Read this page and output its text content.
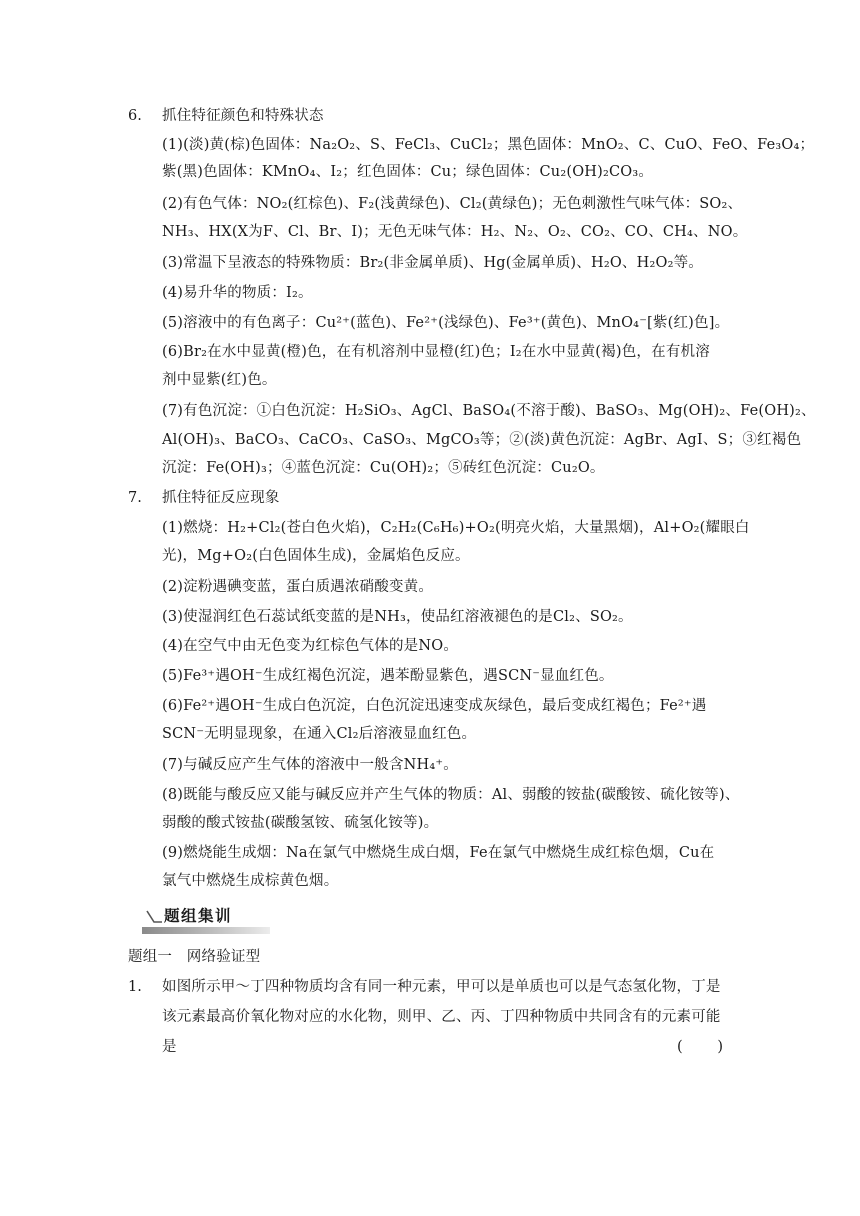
6. 抓住特征颜色和特殊状态
(1)(淡)黄(棕)色固体：Na₂O₂、S、FeCl₃、CuCl₂；黑色固体：MnO₂、C、CuO、FeO、Fe₃O₄；
紫(黑)色固体：KMnO₄、I₂；红色固体：Cu；绿色固体：Cu₂(OH)₂CO₃。
(2)有色气体：NO₂(红棕色)、F₂(浅黄绿色)、Cl₂(黄绿色)；无色刺激性气味气体：SO₂、
NH₃、HX(X为F、Cl、Br、I)；无色无味气体：H₂、N₂、O₂、CO₂、CO、CH₄、NO。
(3)常温下呈液态的特殊物质：Br₂(非金属单质)、Hg(金属单质)、H₂O、H₂O₂等。
(4)易升华的物质：I₂。
(5)溶液中的有色离子：Cu²⁺(蓝色)、Fe²⁺(浅绿色)、Fe³⁺(黄色)、MnO₄⁻[紫(红)色]。
(6)Br₂在水中显黄(橙)色，在有机溶剂中显橙(红)色；I₂在水中显黄(褐)色，在有机溶
剂中显紫(红)色。
(7)有色沉淀：①白色沉淀：H₂SiO₃、AgCl、BaSO₄(不溶于酸)、BaSO₃、Mg(OH)₂、Fe(OH)₂、
Al(OH)₃、BaCO₃、CaCO₃、CaSO₃、MgCO₃等；②(淡)黄色沉淀：AgBr、AgI、S；③红褐色
沉淀：Fe(OH)₃；④蓝色沉淀：Cu(OH)₂；⑤砖红色沉淀：Cu₂O。
7. 抓住特征反应现象
(1)燃烧：H₂+Cl₂(苍白色火焰)，C₂H₂(C₆H₆)+O₂(明亮火焰，大量黑烟)，Al+O₂(耀眼白
光)，Mg+O₂(白色固体生成)，金属焰色反应。
(2)淀粉遇碘变蓝，蛋白质遇浓硝酸变黄。
(3)使湿润红色石蕊试纸变蓝的是NH₃，使品红溶液褪色的是Cl₂、SO₂。
(4)在空气中由无色变为红棕色气体的是NO。
(5)Fe³⁺遇OH⁻生成红褐色沉淀，遇苯酚显紫色，遇SCN⁻显血红色。
(6)Fe²⁺遇OH⁻生成白色沉淀，白色沉淀迅速变成灰绿色，最后变成红褐色；Fe²⁺遇
SCN⁻无明显现象，在通入Cl₂后溶液显血红色。
(7)与碱反应产生气体的溶液中一般含NH₄⁺。
(8)既能与酸反应又能与碱反应并产生气体的物质：Al、弱酸的铵盐(碳酸铵、硫化铵等)、
弱酸的酸式铵盐(碳酸氢铵、硫氢化铵等)。
(9)燃烧能生成烟：Na在氯气中燃烧生成白烟，Fe在氯气中燃烧生成红棕色烟，Cu在
氯气中燃烧生成棕黄色烟。
题组集训
题组一　网络验证型
1. 如图所示甲～丁四种物质均含有同一种元素，甲可以是单质也可以是气态氢化物，丁是
该元素最高价氧化物对应的水化物，则甲、乙、丙、丁四种物质中共同含有的元素可能
是	( )
